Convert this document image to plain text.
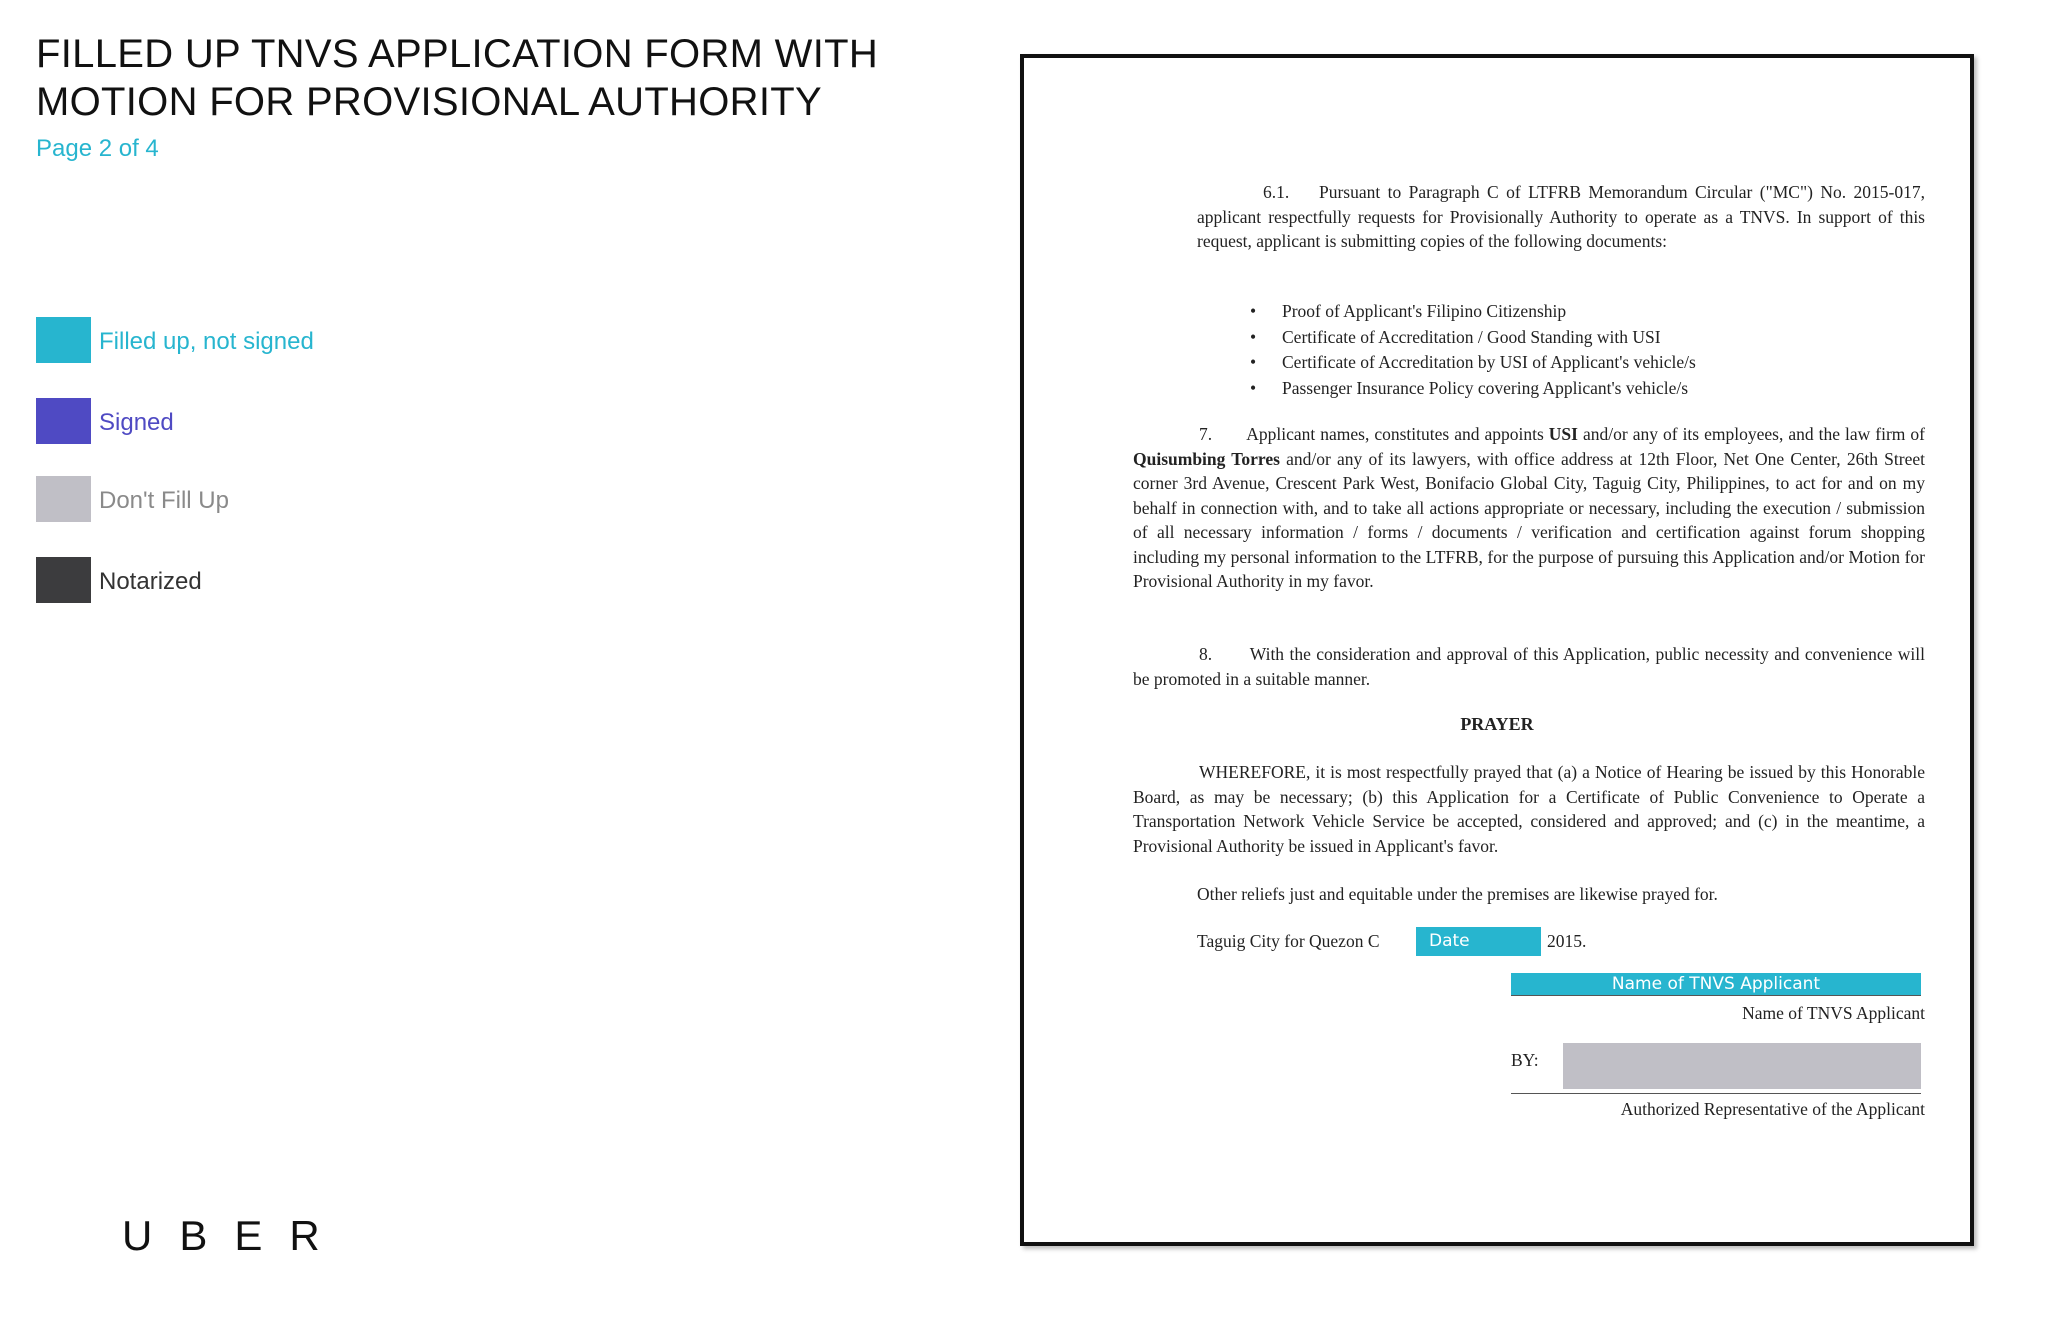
FILLED UP TNVS APPLICATION FORM WITH
MOTION FOR PROVISIONAL AUTHORITY
Page 2 of 4
Filled up, not signed
Signed
Don't Fill Up
Notarized
UBER

6.1.    Pursuant to Paragraph C of LTFRB Memorandum Circular ("MC") No. 2015-017, applicant respectfully requests for Provisionally Authority to operate as a TNVS. In support of this request, applicant is submitting copies of the following documents:

• Proof of Applicant's Filipino Citizenship
• Certificate of Accreditation / Good Standing with USI
• Certificate of Accreditation by USI of Applicant's vehicle/s
• Passenger Insurance Policy covering Applicant's vehicle/s

7.       Applicant names, constitutes and appoints USI and/or any of its employees, and the law firm of Quisumbing Torres and/or any of its lawyers, with office address at 12th Floor, Net One Center, 26th Street corner 3rd Avenue, Crescent Park West, Bonifacio Global City, Taguig City, Philippines, to act for and on my behalf in connection with, and to take all actions appropriate or necessary, including the execution / submission of all necessary information / forms / documents / verification and certification against forum shopping including my personal information to the LTFRB, for the purpose of pursuing this Application and/or Motion for Provisional Authority in my favor.

8.       With the consideration and approval of this Application, public necessity and convenience will be promoted in a suitable manner.

PRAYER

WHEREFORE, it is most respectfully prayed that (a) a Notice of Hearing be issued by this Honorable Board, as may be necessary; (b) this Application for a Certificate of Public Convenience to Operate a Transportation Network Vehicle Service be accepted, considered and approved; and (c) in the meantime, a Provisional Authority be issued in Applicant's favor.

Other reliefs just and equitable under the premises are likewise prayed for.
Taguig City for Quezon C	Date	2015.
Name of TNVS Applicant
Name of TNVS Applicant
BY:
Authorized Representative of the Applicant
